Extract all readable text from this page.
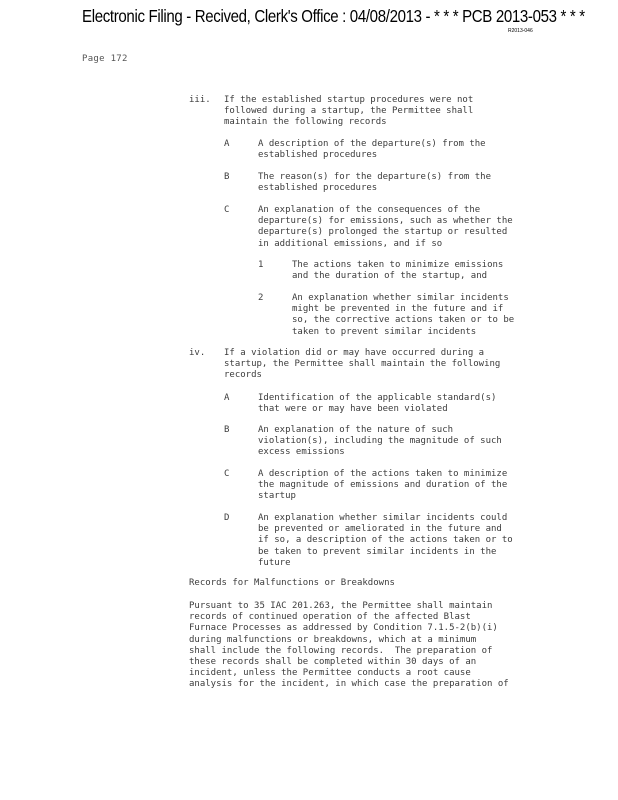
Electronic Filing - Recived, Clerk's Office : 04/08/2013 - * * * PCB 2013-053 * * *
R2013-046
Page 172
iii. If the established startup procedures were not

followed during a startup, the Permittee shall

maintain the following records

A	A description of the departure(s) from the

established procedures

B	The reason(s) for the departure(s) from the

established procedures

C	An explanation of the consequences of the

departure(s) for emissions, such as whether the

departure(s) prolonged the startup or resulted

in additional emissions, and if so

1	The actions taken to minimize emissions

and the duration of the startup, and

2	An explanation whether similar incidents

might be prevented in the future and if

so, the corrective actions taken or to be

taken to prevent similar incidents

iv. If a violation did or may have occurred during a

startup, the Permittee shall maintain the following

records

A	Identification of the applicable standard(s)

that were or may have been violated

B	An explanation of the nature of such

violation(s), including the magnitude of such

excess emissions

C	A description of the actions taken to minimize

the magnitude of emissions and duration of the

startup

D	An explanation whether similar incidents could

be prevented or ameliorated in the future and

if so, a description of the actions taken or to

be taken to prevent similar incidents in the

future

Records for Malfunctions or Breakdowns

Pursuant to 35 IAC 201.263, the Permittee shall maintain

records of continued operation of the affected Blast

Furnace Processes as addressed by Condition 7.1.5-2(b)(i)

during malfunctions or breakdowns, which at a minimum

shall include the following records.  The preparation of

these records shall be completed within 30 days of an

incident, unless the Permittee conducts a root cause

analysis for the incident, in which case the preparation of
